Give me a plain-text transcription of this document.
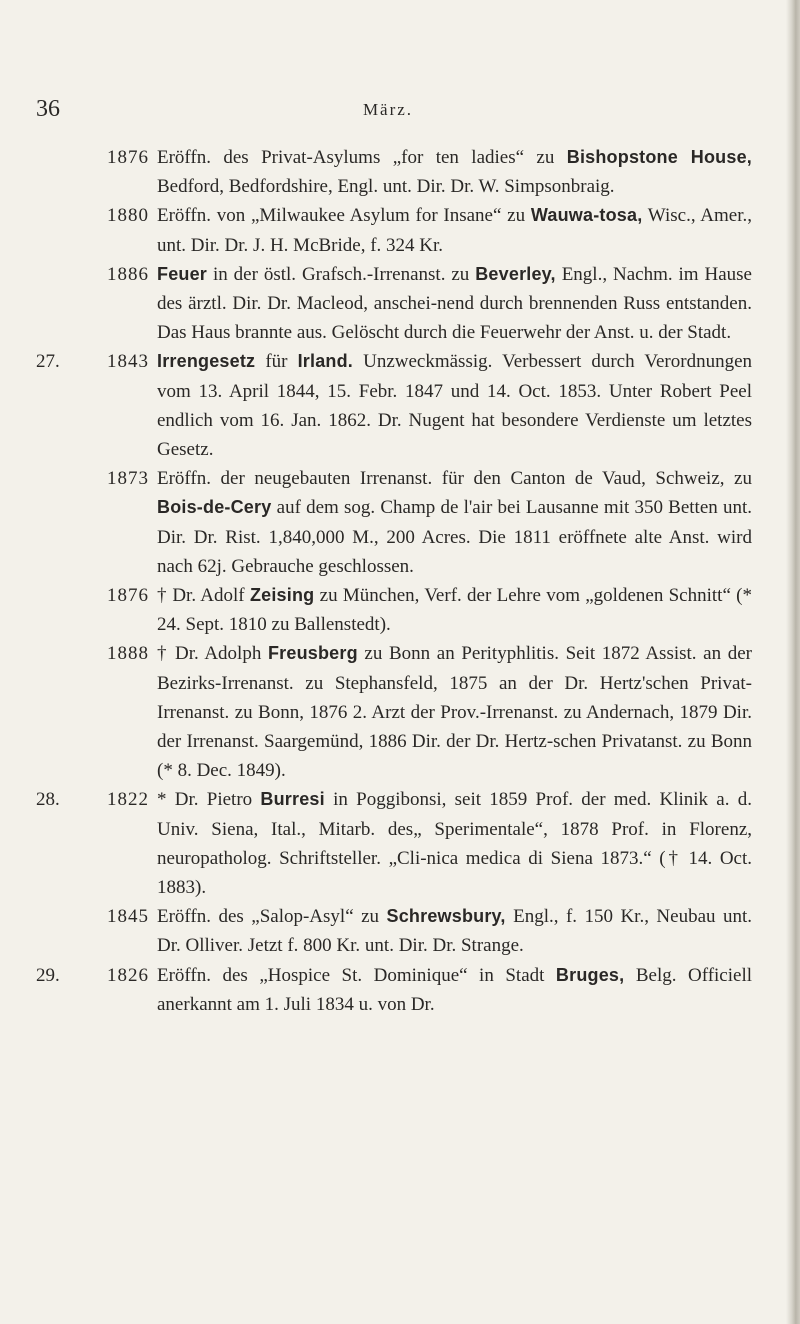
36	März.

1876 Eröffn. des Privat-Asylums „for ten ladies“ zu Bishopstone House, Bedford, Bedfordshire, Engl. unt. Dir. Dr. W. Simpsonbraig.

1880 Eröffn. von „Milwaukee Asylum for Insane“ zu Wauwa-tosa, Wisc., Amer., unt. Dir. Dr. J. H. McBride, f. 324 Kr.

1886 Feuer in der östl. Grafsch.-Irrenanst. zu Beverley, Engl., Nachm. im Hause des ärztl. Dir. Dr. Macleod, anschei-nend durch brennenden Russ entstanden. Das Haus brannte aus. Gelöscht durch die Feuerwehr der Anst. u. der Stadt.

27.	1843 Irrengesetz für Irland. Unzweckmässig. Verbessert durch Verordnungen vom 13. April 1844, 15. Febr. 1847 und 14. Oct. 1853. Unter Robert Peel endlich vom 16. Jan. 1862. Dr. Nugent hat besondere Verdienste um letztes Gesetz.

1873 Eröffn. der neugebauten Irrenanst. für den Canton de Vaud, Schweiz, zu Bois-de-Cery auf dem sog. Champ de l'air bei Lausanne mit 350 Betten unt. Dir. Dr. Rist. 1,840,000 M., 200 Acres. Die 1811 eröffnete alte Anst. wird nach 62j. Gebrauche geschlossen.

1876 † Dr. Adolf Zeising zu München, Verf. der Lehre vom „goldenen Schnitt“ (* 24. Sept. 1810 zu Ballenstedt).

1888 † Dr. Adolph Freusberg zu Bonn an Perityphlitis. Seit 1872 Assist. an der Bezirks-Irrenanst. zu Stephansfeld, 1875 an der Dr. Hertz'schen Privat-Irrenanst. zu Bonn, 1876 2. Arzt der Prov.-Irrenanst. zu Andernach, 1879 Dir. der Irrenanst. Saargemünd, 1886 Dir. der Dr. Hertz-schen Privatanst. zu Bonn (* 8. Dec. 1849).

28.	1822 * Dr. Pietro Burresi in Poggibonsi, seit 1859 Prof. der med. Klinik a. d. Univ. Siena, Ital., Mitarb. des„ Sperimentale“, 1878 Prof. in Florenz, neuropatholog. Schriftsteller. „Cli-nica medica di Siena 1873.“ († 14. Oct. 1883).

1845 Eröffn. des „Salop-Asyl“ zu Schrewsbury, Engl., f. 150 Kr., Neubau unt. Dr. Olliver. Jetzt f. 800 Kr. unt. Dir. Dr. Strange.

29.	1826 Eröffn. des „Hospice St. Dominique“ in Stadt Bruges, Belg. Officiell anerkannt am 1. Juli 1834 u. von Dr.
